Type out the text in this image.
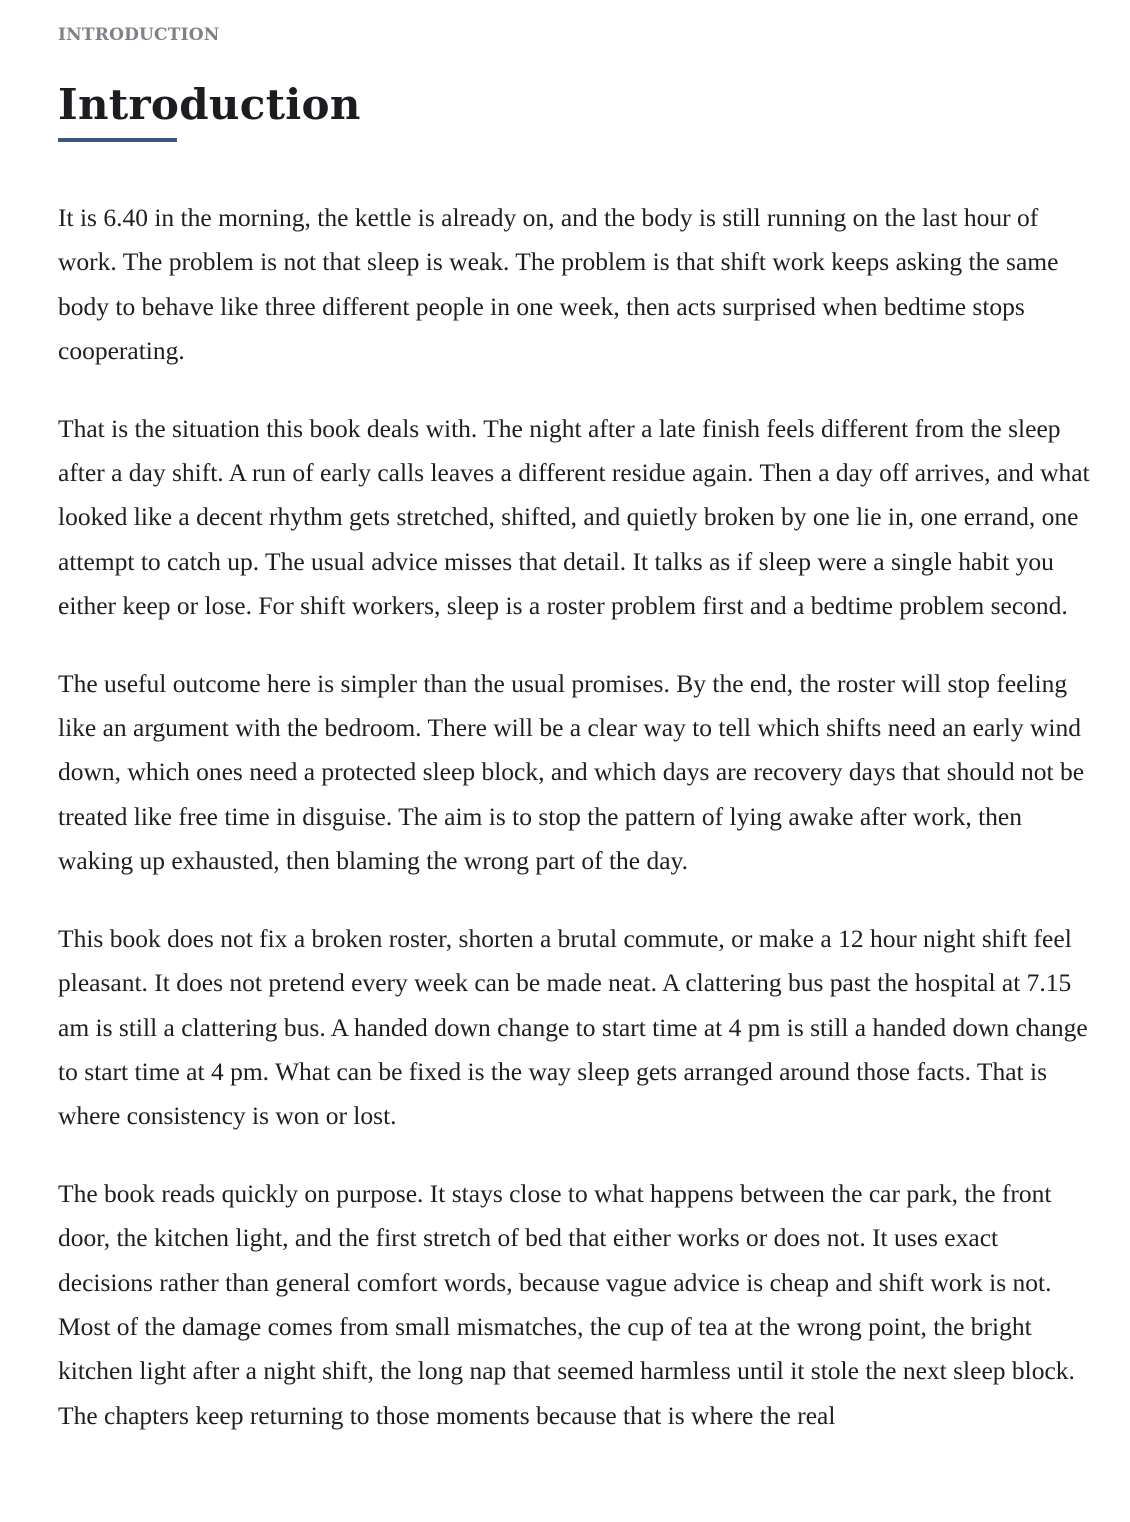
INTRODUCTION
Introduction

It is 6.40 in the morning, the kettle is already on, and the body is still running on the last hour of work. The problem is not that sleep is weak. The problem is that shift work keeps asking the same body to behave like three different people in one week, then acts surprised when bedtime stops cooperating.

That is the situation this book deals with. The night after a late finish feels different from the sleep after a day shift. A run of early calls leaves a different residue again. Then a day off arrives, and what looked like a decent rhythm gets stretched, shifted, and quietly broken by one lie in, one errand, one attempt to catch up. The usual advice misses that detail. It talks as if sleep were a single habit you either keep or lose. For shift workers, sleep is a roster problem first and a bedtime problem second.

The useful outcome here is simpler than the usual promises. By the end, the roster will stop feeling like an argument with the bedroom. There will be a clear way to tell which shifts need an early wind down, which ones need a protected sleep block, and which days are recovery days that should not be treated like free time in disguise. The aim is to stop the pattern of lying awake after work, then waking up exhausted, then blaming the wrong part of the day.

This book does not fix a broken roster, shorten a brutal commute, or make a 12 hour night shift feel pleasant. It does not pretend every week can be made neat. A clattering bus past the hospital at 7.15 am is still a clattering bus. A handed down change to start time at 4 pm is still a handed down change to start time at 4 pm. What can be fixed is the way sleep gets arranged around those facts. That is where consistency is won or lost.

The book reads quickly on purpose. It stays close to what happens between the car park, the front door, the kitchen light, and the first stretch of bed that either works or does not. It uses exact decisions rather than general comfort words, because vague advice is cheap and shift work is not. Most of the damage comes from small mismatches, the cup of tea at the wrong point, the bright kitchen light after a night shift, the long nap that seemed harmless until it stole the next sleep block. The chapters keep returning to those moments because that is where the real
